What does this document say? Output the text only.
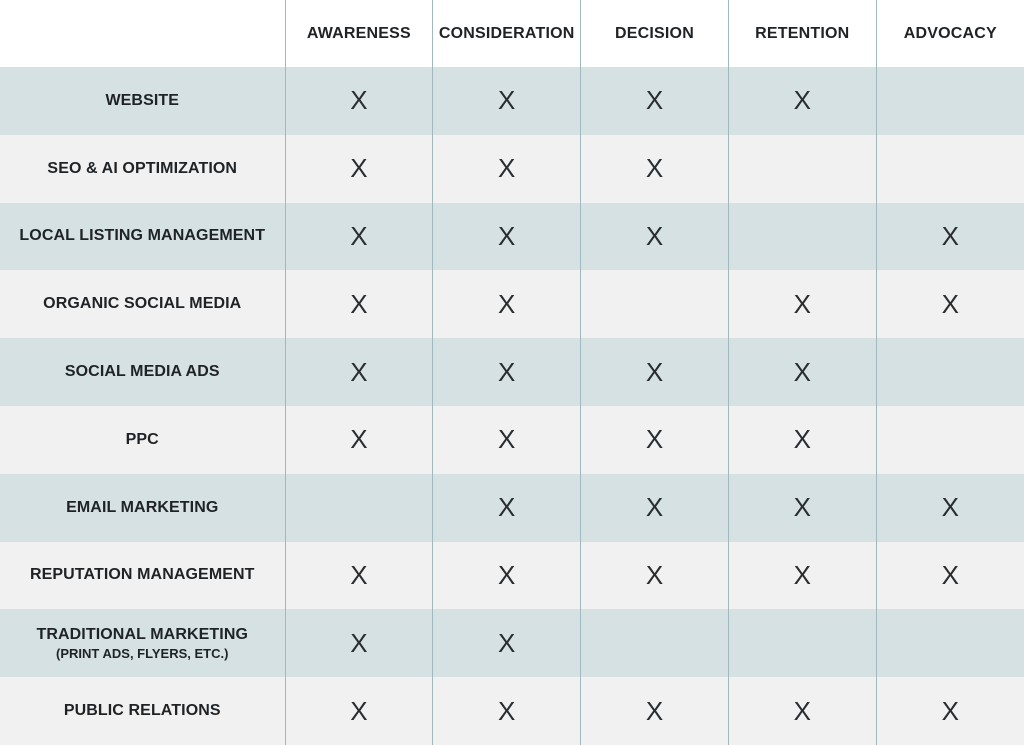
	AWARENESS	CONSIDERATION	DECISION	RETENTION	ADVOCACY

WEBSITE	X	X	X	X	

SEO & AI OPTIMIZATION	X	X	X		

LOCAL LISTING MANAGEMENT	X	X	X		X

ORGANIC SOCIAL MEDIA	X	X		X	X

SOCIAL MEDIA ADS	X	X	X	X	

PPC	X	X	X	X	

EMAIL MARKETING		X	X	X	X

REPUTATION MANAGEMENT	X	X	X	X	X

TRADITIONAL MARKETING
(PRINT ADS, FLYERS, ETC.)	X	X			

PUBLIC RELATIONS	X	X	X	X	X
